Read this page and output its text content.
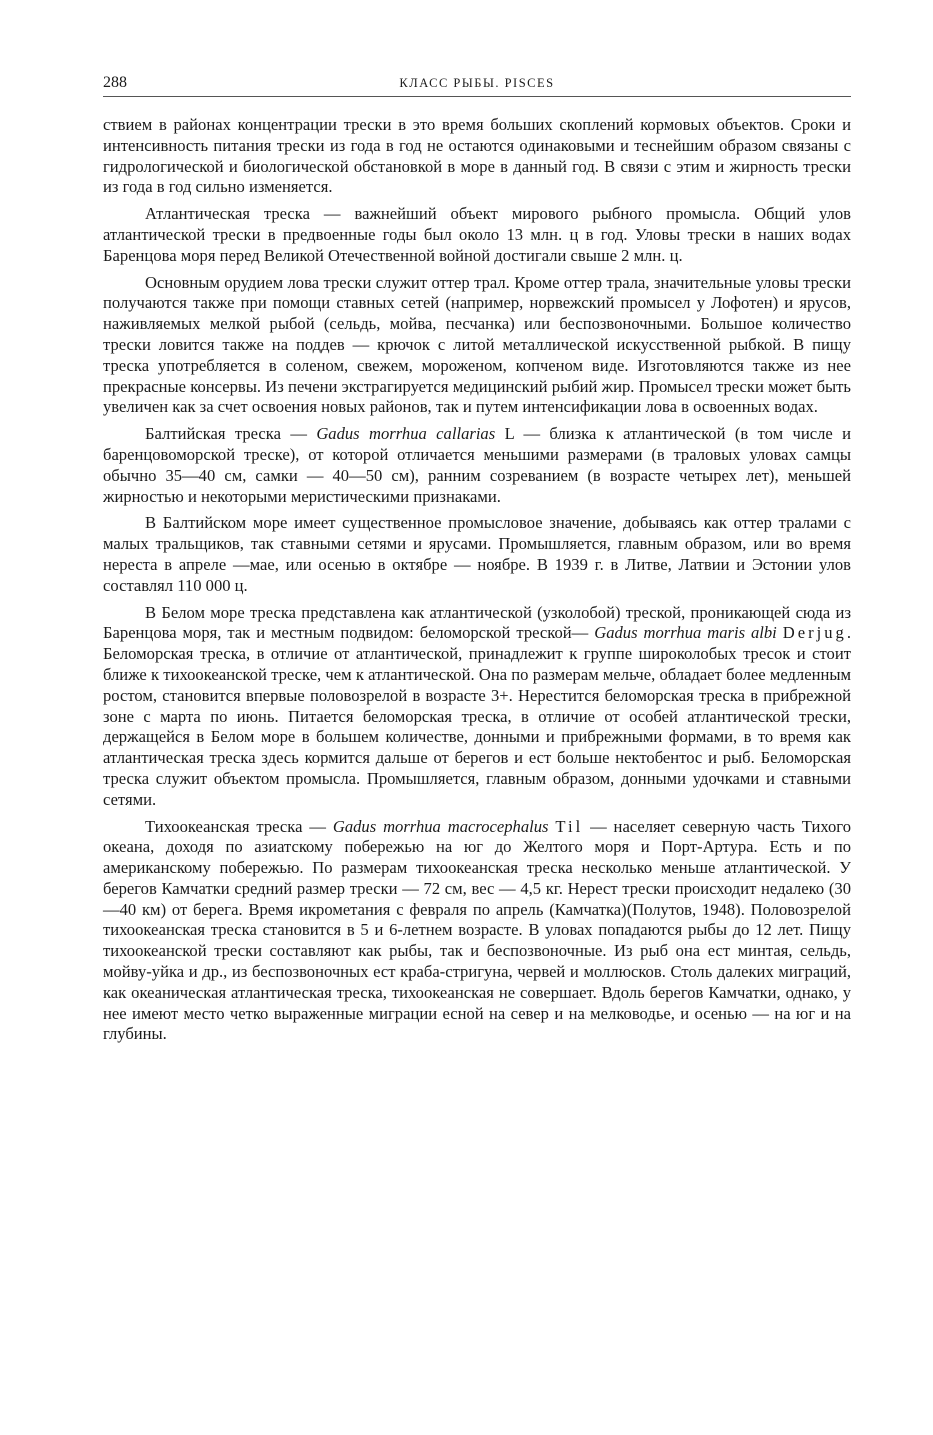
288	КЛАСС РЫБЫ. PISCES

ствием в районах концентрации трески в это время больших скоплений кормовых объектов. Сроки и интенсивность питания трески из года в год не остаются одинаковыми и теснейшим образом связаны с гидрологической и биологической обстановкой в море в данный год. В связи с этим и жирность трески из года в год сильно изменяется.

Атлантическая треска — важнейший объект мирового рыбного промысла. Общий улов атлантической трески в предвоенные годы был около 13 млн. ц в год. Уловы трески в наших водах Баренцова моря перед Великой Отечественной войной достигали свыше 2 млн. ц.

Основным орудием лова трески служит оттер трал. Кроме оттер трала, значительные уловы трески получаются также при помощи ставных сетей (например, норвежский промысел у Лофотен) и ярусов, наживляемых мелкой рыбой (сельдь, мойва, песчанка) или беспозвоночными. Большое количество трески ловится также на поддев — крючок с литой металлической искусственной рыбкой. В пищу треска употребляется в соленом, свежем, мороженом, копченом виде. Изготовляются также из нее прекрасные консервы. Из печени экстрагируется медицинский рыбий жир. Промысел трески может быть увеличен как за счет освоения новых районов, так и путем интенсификации лова в освоенных водах.

Балтийская треска — Gadus morrhua callarias L — близка к атлантической (в том числе и баренцовоморской треске), от которой отличается меньшими размерами (в траловых уловах самцы обычно 35—40 см, самки — 40—50 см), ранним созреванием (в возрасте четырех лет), меньшей жирностью и некоторыми меристическими признаками.

В Балтийском море имеет существенное промысловое значение, добываясь как оттер тралами с малых тральщиков, так ставными сетями и ярусами. Промышляется, главным образом, или во время нереста в апреле —мае, или осенью в октябре — ноябре. В 1939 г. в Литве, Латвии и Эстонии улов составлял 110 000 ц.

В Белом море треска представлена как атлантической (узколобой) треской, проникающей сюда из Баренцова моря, так и местным подвидом: беломорской треской— Gadus morrhua maris albi Derjug. Беломорская треска, в отличие от атлантической, принадлежит к группе широколобых тресок и стоит ближе к тихоокеанской треске, чем к атлантической. Она по размерам мельче, обладает более медленным ростом, становится впервые половозрелой в возрасте 3+. Нерестится беломорская треска в прибрежной зоне с марта по июнь. Питается беломорская треска, в отличие от особей атлантической трески, держащейся в Белом море в большем количестве, донными и прибрежными формами, в то время как атлантическая треска здесь кормится дальше от берегов и ест больше нектобентос и рыб. Беломорская треска служит объектом промысла. Промышляется, главным образом, донными удочками и ставными сетями.

Тихоокеанская треска — Gadus morrhua macrocephalus Til — населяет северную часть Тихого океана, доходя по азиатскому побережью на юг до Желтого моря и Порт-Артура. Есть и по американскому побережью. По размерам тихоокеанская треска несколько меньше атлантической. У берегов Камчатки средний размер трески — 72 см, вес — 4,5 кг. Нерест трески происходит недалеко (30—40 км) от берега. Время икрометания с февраля по апрель (Камчатка)(Полутов, 1948). Половозрелой тихоокеанская треска становится в 5 и 6-летнем возрасте. В уловах попадаются рыбы до 12 лет. Пищу тихоокеанской трески составляют как рыбы, так и беспозвоночные. Из рыб она ест минтая, сельдь, мойву-уйка и др., из беспозвоночных ест краба-стригуна, червей и моллюсков. Столь далеких миграций, как океаническая атлантическая треска, тихоокеанская не совершает. Вдоль берегов Камчатки, однако, у нее имеют место четко выраженные миграции есной на север и на мелководье, и осенью — на юг и на глубины.
